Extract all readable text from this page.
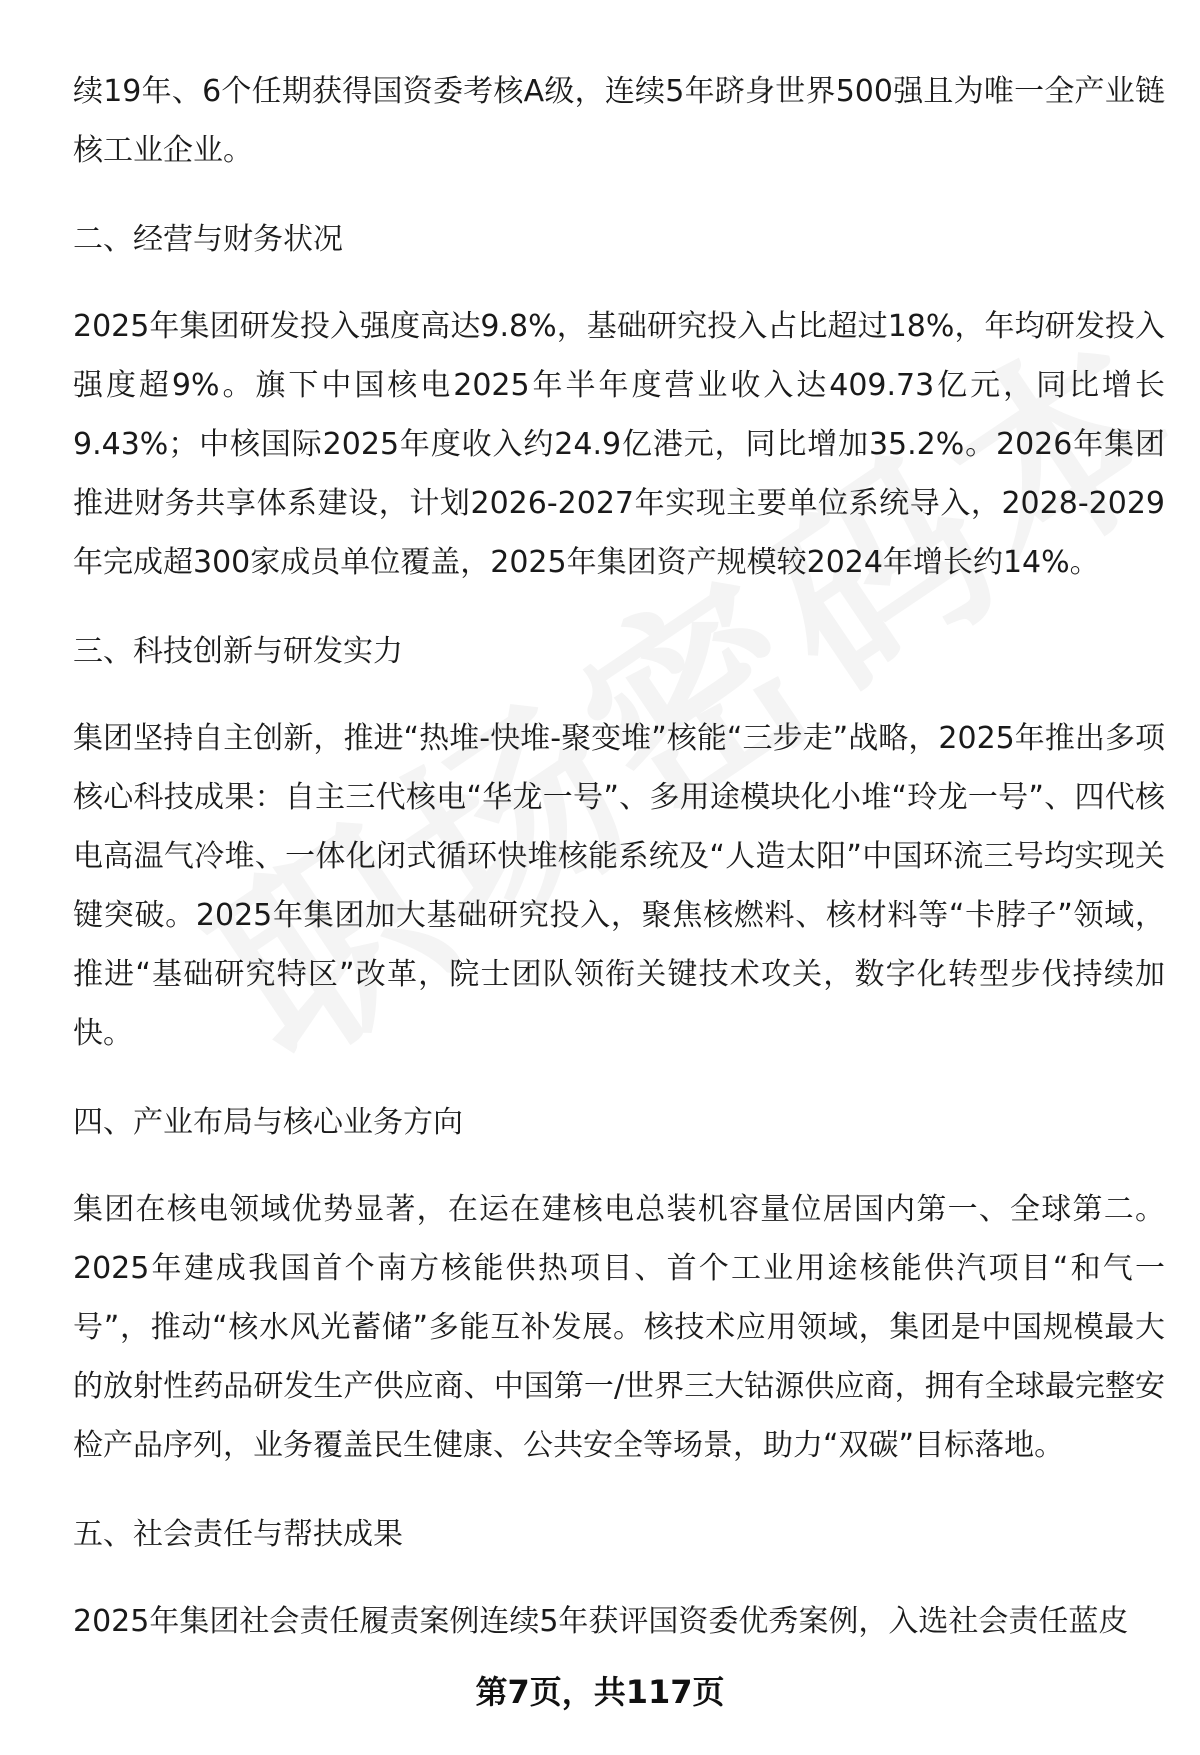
续19年、6个任期获得国资委考核A级，连续5年跻身世界500强且为唯一全产业链核工业企业。

二、经营与财务状况

2025年集团研发投入强度高达9.8%，基础研究投入占比超过18%，年均研发投入强度超9%。旗下中国核电2025年半年度营业收入达409.73亿元，同比增长9.43%；中核国际2025年度收入约24.9亿港元，同比增加35.2%。2026年集团推进财务共享体系建设，计划2026-2027年实现主要单位系统导入，2028-2029年完成超300家成员单位覆盖，2025年集团资产规模较2024年增长约14%。

三、科技创新与研发实力

集团坚持自主创新，推进“热堆-快堆-聚变堆”核能“三步走”战略，2025年推出多项核心科技成果：自主三代核电“华龙一号”、多用途模块化小堆“玲龙一号”、四代核电高温气冷堆、一体化闭式循环快堆核能系统及“人造太阳”中国环流三号均实现关键突破。2025年集团加大基础研究投入，聚焦核燃料、核材料等“卡脖子”领域，推进“基础研究特区”改革，院士团队领衔关键技术攻关，数字化转型步伐持续加快。

四、产业布局与核心业务方向

集团在核电领域优势显著，在运在建核电总装机容量位居国内第一、全球第二。2025年建成我国首个南方核能供热项目、首个工业用途核能供汽项目“和气一号”，推动“核水风光蓄储”多能互补发展。核技术应用领域，集团是中国规模最大的放射性药品研发生产供应商、中国第一/世界三大钴源供应商，拥有全球最完整安检产品序列，业务覆盖民生健康、公共安全等场景，助力“双碳”目标落地。

五、社会责任与帮扶成果

2025年集团社会责任履责案例连续5年获评国资委优秀案例，入选社会责任蓝皮

第7页，共117页
